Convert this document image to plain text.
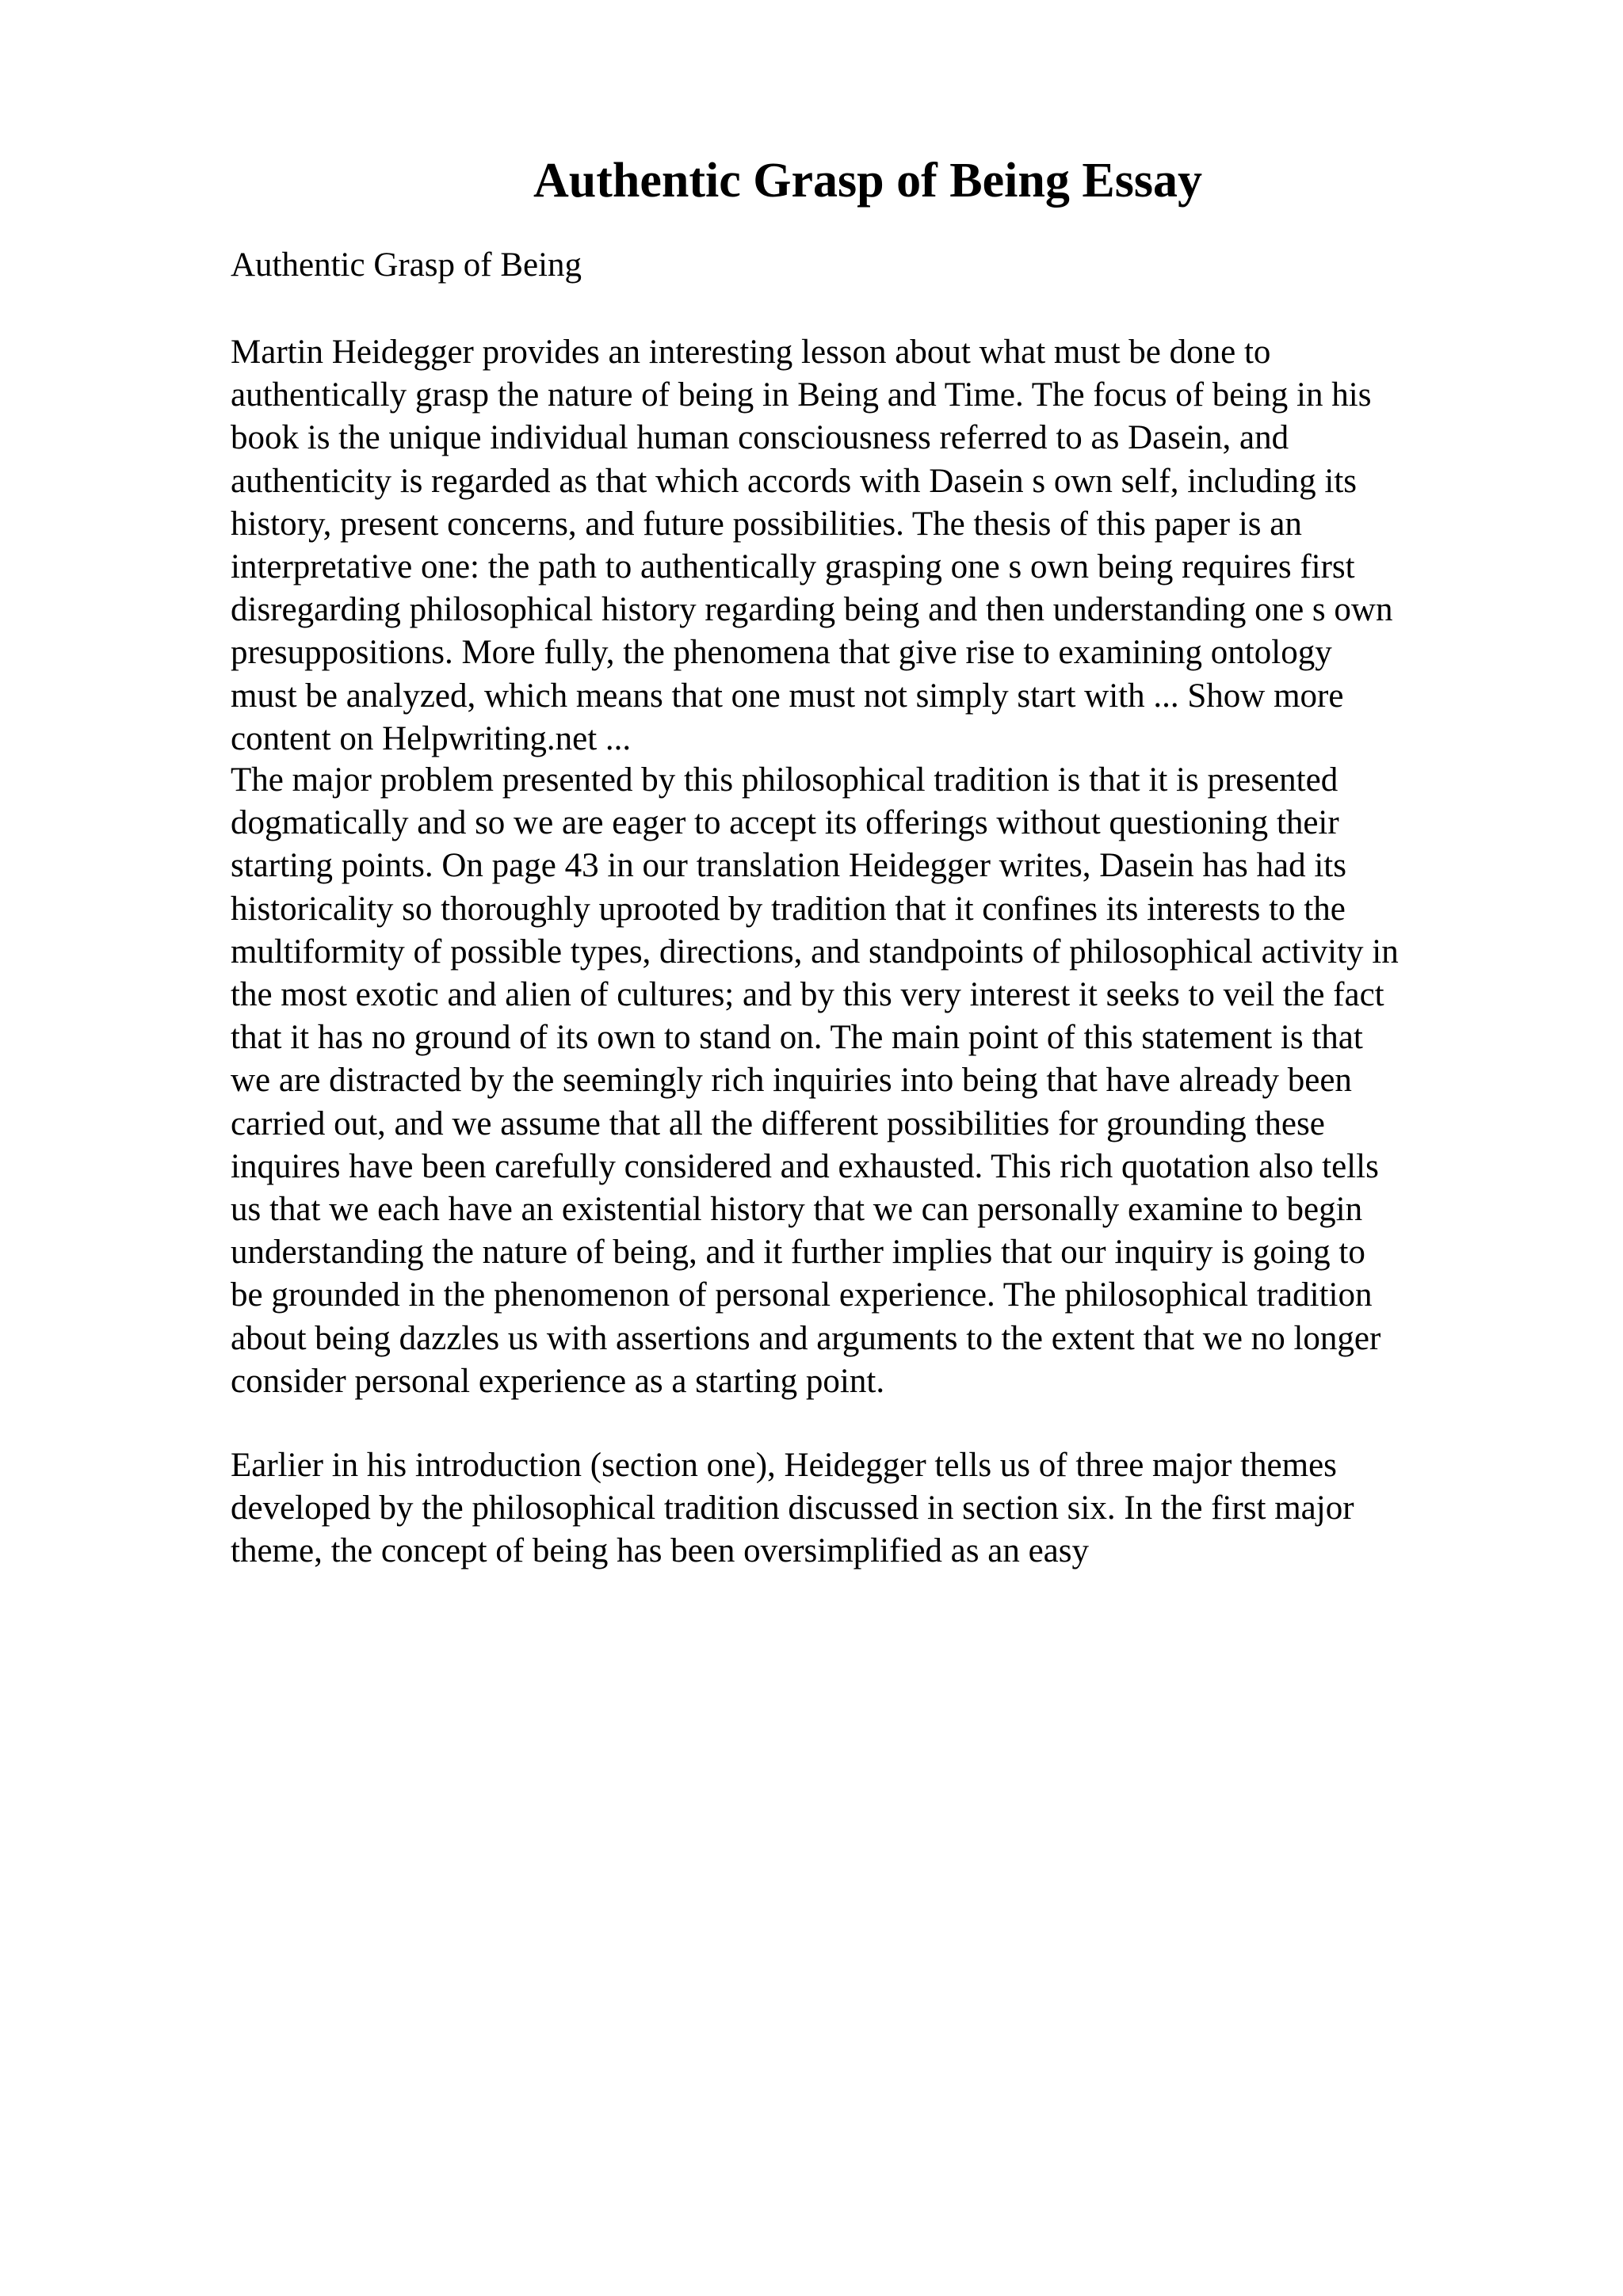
Authentic Grasp of Being Essay

Authentic Grasp of Being

Martin Heidegger provides an interesting lesson about what must be done to
authentically grasp the nature of being in Being and Time. The focus of being in his
book is the unique individual human consciousness referred to as Dasein, and
authenticity is regarded as that which accords with Dasein s own self, including its
history, present concerns, and future possibilities. The thesis of this paper is an
interpretative one: the path to authentically grasping one s own being requires first
disregarding philosophical history regarding being and then understanding one s own
presuppositions. More fully, the phenomena that give rise to examining ontology
must be analyzed, which means that one must not simply start with ... Show more
content on Helpwriting.net ...

The major problem presented by this philosophical tradition is that it is presented
dogmatically and so we are eager to accept its offerings without questioning their
starting points. On page 43 in our translation Heidegger writes, Dasein has had its
historicality so thoroughly uprooted by tradition that it confines its interests to the
multiformity of possible types, directions, and standpoints of philosophical activity in
the most exotic and alien of cultures; and by this very interest it seeks to veil the fact
that it has no ground of its own to stand on. The main point of this statement is that
we are distracted by the seemingly rich inquiries into being that have already been
carried out, and we assume that all the different possibilities for grounding these
inquires have been carefully considered and exhausted. This rich quotation also tells
us that we each have an existential history that we can personally examine to begin
understanding the nature of being, and it further implies that our inquiry is going to
be grounded in the phenomenon of personal experience. The philosophical tradition
about being dazzles us with assertions and arguments to the extent that we no longer
consider personal experience as a starting point.

Earlier in his introduction (section one), Heidegger tells us of three major themes
developed by the philosophical tradition discussed in section six. In the first major
theme, the concept of being has been oversimplified as an easy
